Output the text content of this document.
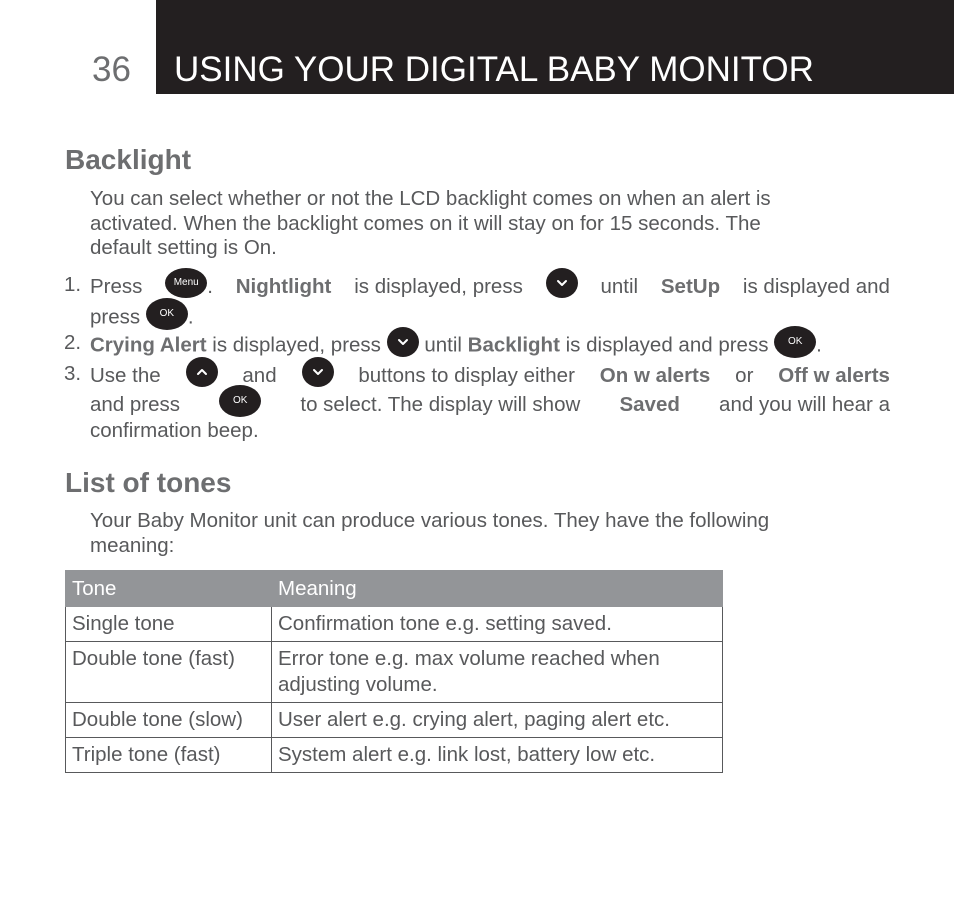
36 USING YOUR DIGITAL BABY MONITOR
Backlight
You can select whether or not the LCD backlight comes on when an alert is
activated. When the backlight comes on it will stay on for 15 seconds. The
default setting is On.
1. Press	Menu . Nightlight is displayed, press	until SetUp is displayed and
press OK .
2. Crying Alert is displayed, press until Backlight is displayed and press OK .
3. Use the	and	buttons to display either On w alerts or Off w alerts
and press	OK	to select. The display will show Saved and you will hear a
confirmation beep.
List of tones
Your Baby Monitor unit can produce various tones. They have the following
meaning:
Tone	Meaning
Single tone	Confirmation tone e.g. setting saved.
Double tone (fast)	Error tone e.g. max volume reached when
adjusting volume.
Double tone (slow)	User alert e.g. crying alert, paging alert etc.
Triple tone (fast)	System alert e.g. link lost, battery low etc.
